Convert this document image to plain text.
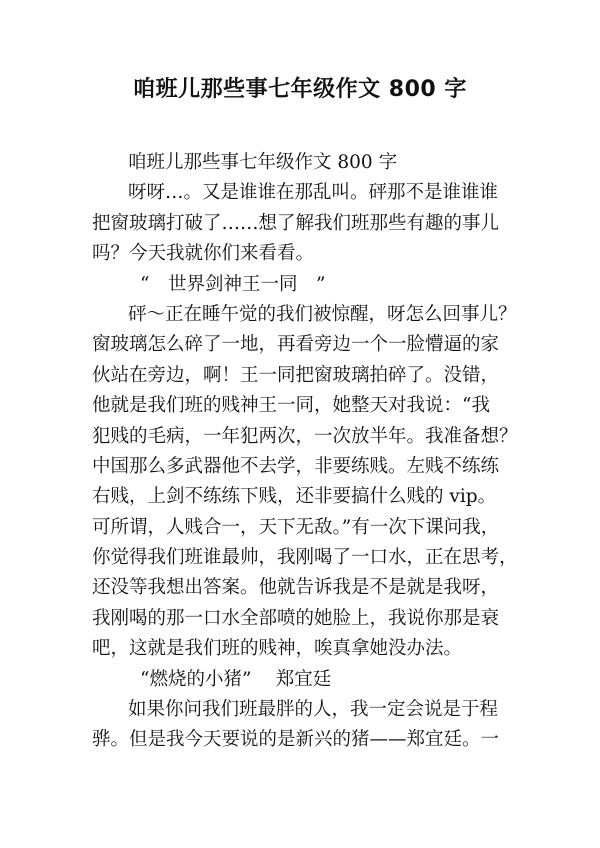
咱班儿那些事七年级作文 800 字
咱班儿那些事七年级作文 800 字
呀呀…。又是谁谁在那乱叫。砰那不是谁谁谁
把窗玻璃打破了……想了解我们班那些有趣的事儿
吗？今天我就你们来看看。
“　世界剑神王一同　”
砰～正在睡午觉的我们被惊醒，呀怎么回事儿？
窗玻璃怎么碎了一地，再看旁边一个一脸懵逼的家
伙站在旁边，啊！王一同把窗玻璃拍碎了。没错，
他就是我们班的贱神王一同，她整天对我说：“我
犯贱的毛病，一年犯两次，一次放半年。我准备想？
中国那么多武器他不去学，非要练贱。左贱不练练
右贱，上剑不练练下贱，还非要搞什么贱的 vip。
可所谓，人贱合一，天下无敌。”有一次下课问我，
你觉得我们班谁最帅，我刚喝了一口水，正在思考，
还没等我想出答案。他就告诉我是不是就是我呀，
我刚喝的那一口水全部喷的她脸上，我说你那是衰
吧，这就是我们班的贱神，唉真拿她没办法。
“燃烧的小猪”　 郑宜廷
如果你问我们班最胖的人，我一定会说是于程
骅。但是我今天要说的是新兴的猪——郑宜廷。一
